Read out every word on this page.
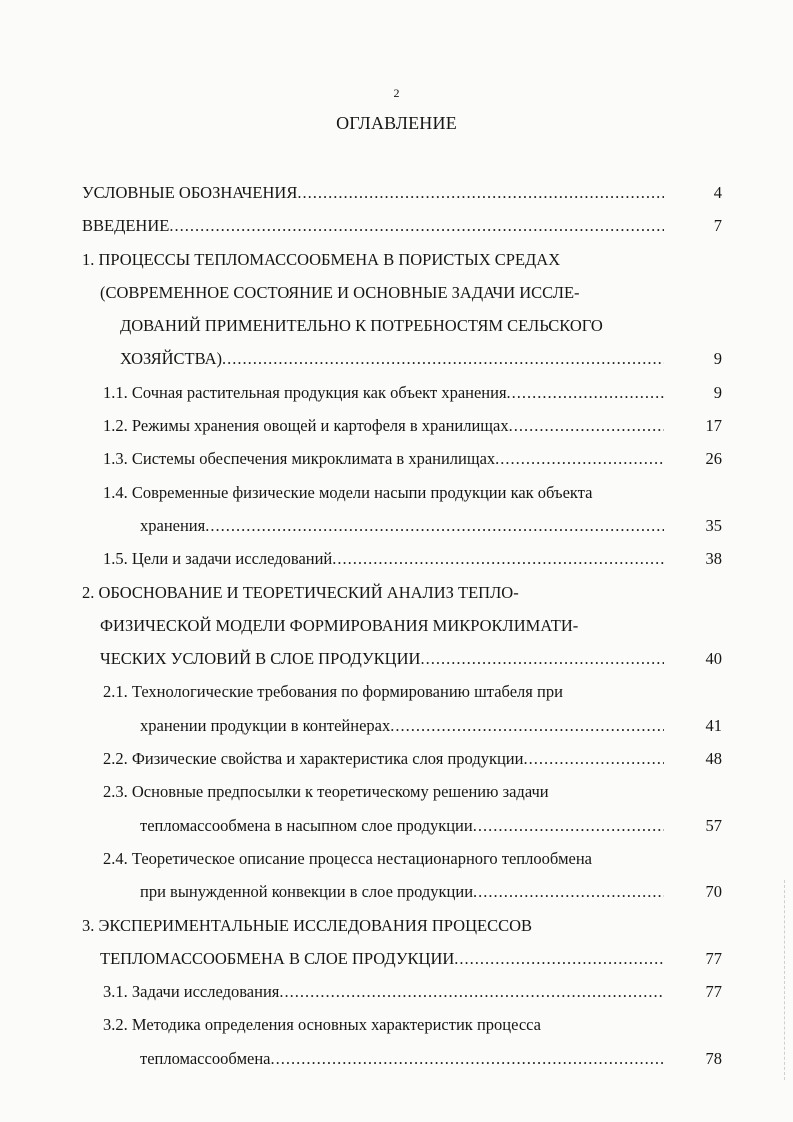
2
ОГЛАВЛЕНИЕ
УСЛОВНЫЕ ОБОЗНАЧЕНИЯ .....	4
ВВЕДЕНИЕ .....	7
1. ПРОЦЕССЫ ТЕПЛОМАССООБМЕНА В ПОРИСТЫХ СРЕДАХ
(СОВРЕМЕННОЕ СОСТОЯНИЕ И ОСНОВНЫЕ ЗАДАЧИ ИССЛЕ-
ДОВАНИЙ ПРИМЕНИТЕЛЬНО К ПОТРЕБНОСТЯМ СЕЛЬСКОГО
ХОЗЯЙСТВА) .....	9
1.1. Сочная растительная продукция как объект хранения .....	9
1.2. Режимы хранения овощей и картофеля в хранилищах .....	17
1.3. Системы обеспечения микроклимата в хранилищах .....	26
1.4. Современные физические модели насыпи продукции как объекта
хранения .....	35
1.5. Цели и задачи исследований .....	38
2. ОБОСНОВАНИЕ И ТЕОРЕТИЧЕСКИЙ АНАЛИЗ ТЕПЛО-
ФИЗИЧЕСКОЙ МОДЕЛИ ФОРМИРОВАНИЯ МИКРОКЛИМАТИ-
ЧЕСКИХ УСЛОВИЙ В СЛОЕ ПРОДУКЦИИ .....	40
2.1. Технологические требования по формированию штабеля при
хранении продукции в контейнерах .....	41
2.2. Физические свойства и характеристика слоя продукции .....	48
2.3. Основные предпосылки к теоретическому решению задачи
тепломассообмена в насыпном слое продукции .....	57
2.4. Теоретическое описание процесса нестационарного теплообмена
при вынужденной конвекции в слое продукции .....	70
3. ЭКСПЕРИМЕНТАЛЬНЫЕ ИССЛЕДОВАНИЯ ПРОЦЕССОВ
ТЕПЛОМАССООБМЕНА В СЛОЕ ПРОДУКЦИИ .....	77
3.1. Задачи исследования .....	77
3.2. Методика определения основных характеристик процесса
тепломассообмена .....	78
